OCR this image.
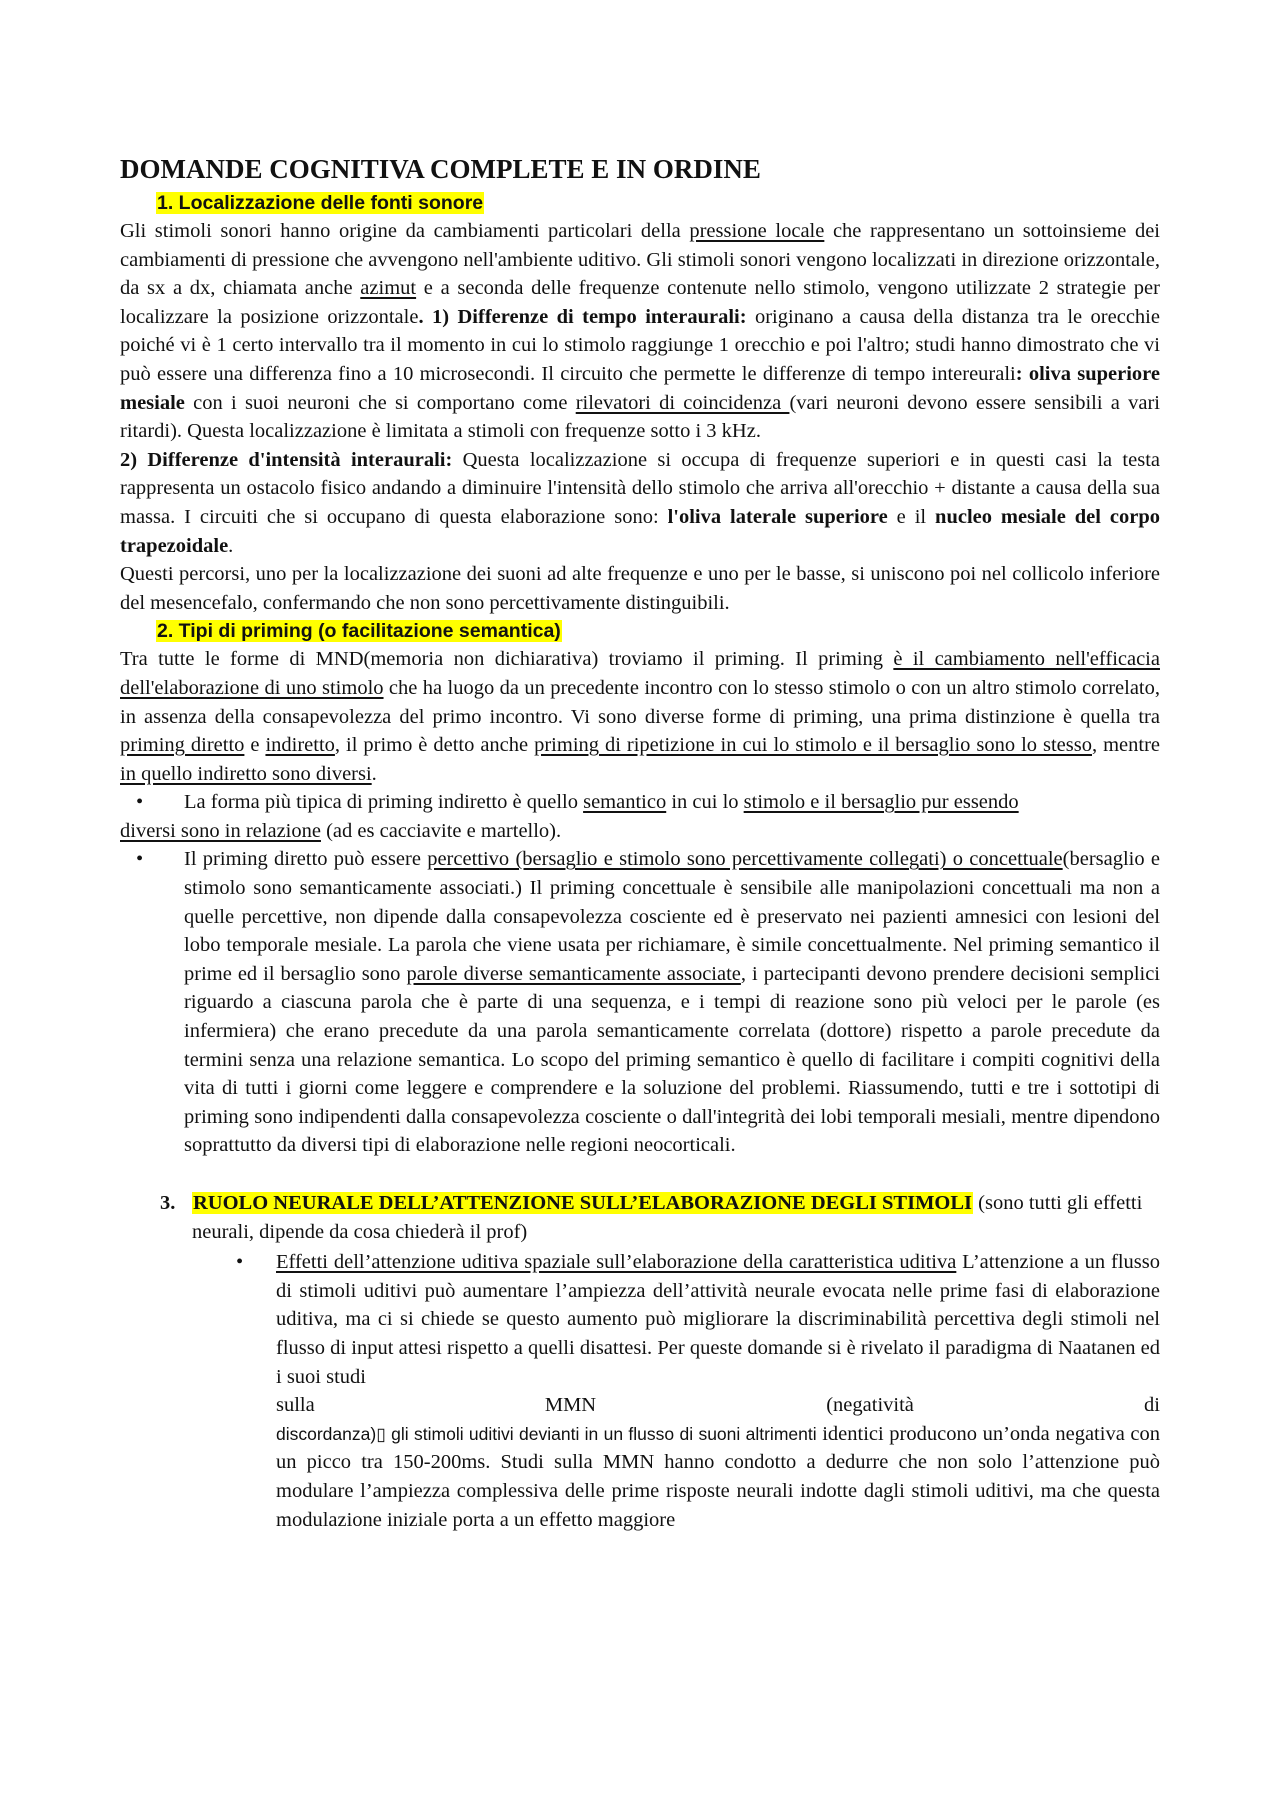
DOMANDE COGNITIVA COMPLETE E IN ORDINE
1. Localizzazione delle fonti sonore

Gli stimoli sonori hanno origine da cambiamenti particolari della pressione locale che rappresentano un sottoinsieme dei cambiamenti di pressione che avvengono nell'ambiente uditivo. Gli stimoli sonori vengono localizzati in direzione orizzontale, da sx a dx, chiamata anche azimut e a seconda delle frequenze contenute nello stimolo, vengono utilizzate 2 strategie per localizzare la posizione orizzontale. 1) Differenze di tempo interaurali: originano a causa della distanza tra le orecchie poiché vi è 1 certo intervallo tra il momento in cui lo stimolo raggiunge 1 orecchio e poi l'altro; studi hanno dimostrato che vi può essere una differenza fino a 10 microsecondi. Il circuito che permette le differenze di tempo intereurali: oliva superiore mesiale con i suoi neuroni che si comportano come rilevatori di coincidenza (vari neuroni devono essere sensibili a vari ritardi). Questa localizzazione è limitata a stimoli con frequenze sotto i 3 kHz.

2) Differenze d'intensità interaurali: Questa localizzazione si occupa di frequenze superiori e in questi casi la testa rappresenta un ostacolo fisico andando a diminuire l'intensità dello stimolo che arriva all'orecchio + distante a causa della sua massa. I circuiti che si occupano di questa elaborazione sono: l'oliva laterale superiore e il nucleo mesiale del corpo trapezoidale.

Questi percorsi, uno per la localizzazione dei suoni ad alte frequenze e uno per le basse, si uniscono poi nel collicolo inferiore del mesencefalo, confermando che non sono percettivamente distinguibili.

2. Tipi di priming (o facilitazione semantica)

Tra tutte le forme di MND(memoria non dichiarativa) troviamo il priming. Il priming è il cambiamento nell'efficacia dell'elaborazione di uno stimolo che ha luogo da un precedente incontro con lo stesso stimolo o con un altro stimolo correlato, in assenza della consapevolezza del primo incontro. Vi sono diverse forme di priming, una prima distinzione è quella tra priming diretto e indiretto, il primo è detto anche priming di ripetizione in cui lo stimolo e il bersaglio sono lo stesso, mentre in quello indiretto sono diversi.

•	La forma più tipica di priming indiretto è quello semantico in cui lo stimolo e il bersaglio pur essendo

diversi sono in relazione (ad es cacciavite e martello).

•	Il priming diretto può essere percettivo (bersaglio e stimolo sono percettivamente collegati) o concettuale(bersaglio e stimolo sono semanticamente associati.) Il priming concettuale è sensibile alle manipolazioni concettuali ma non a quelle percettive, non dipende dalla consapevolezza cosciente ed è preservato nei pazienti amnesici con lesioni del lobo temporale mesiale. La parola che viene usata per richiamare, è simile concettualmente. Nel priming semantico il prime ed il bersaglio sono parole diverse semanticamente associate, i partecipanti devono prendere decisioni semplici riguardo a ciascuna parola che è parte di una sequenza, e i tempi di reazione sono più veloci per le parole (es infermiera) che erano precedute da una parola semanticamente correlata (dottore) rispetto a parole precedute da termini senza una relazione semantica. Lo scopo del priming semantico è quello di facilitare i compiti cognitivi della vita di tutti i giorni come leggere e comprendere e la soluzione del problemi. Riassumendo, tutti e tre i sottotipi di priming sono indipendenti dalla consapevolezza cosciente o dall'integrità dei lobi temporali mesiali, mentre dipendono soprattutto da diversi tipi di elaborazione nelle regioni neocorticali.
3. RUOLO NEURALE DELL’ATTENZIONE SULL’ELABORAZIONE DEGLI STIMOLI (sono tutti gli effetti neurali, dipende da cosa chiederà il prof)
•	Effetti dell’attenzione uditiva spaziale sull’elaborazione della caratteristica uditiva L’attenzione a un flusso di stimoli uditivi può aumentare l’ampiezza dell’attività neurale evocata nelle prime fasi di elaborazione uditiva, ma ci si chiede se questo aumento può migliorare la discriminabilità percettiva degli stimoli nel flusso di input attesi rispetto a quelli disattesi. Per queste domande si è rivelato il paradigma di Naatanen ed i suoi studi

sulla	MMN	(negatività	di

discordanza)▯ gli stimoli uditivi devianti in un flusso di suoni altrimenti identici producono un’onda negativa con un picco tra 150-200ms. Studi sulla MMN hanno condotto a dedurre che non solo l’attenzione può modulare l’ampiezza complessiva delle prime risposte neurali indotte dagli stimoli uditivi, ma che questa modulazione iniziale porta a un effetto maggiore
